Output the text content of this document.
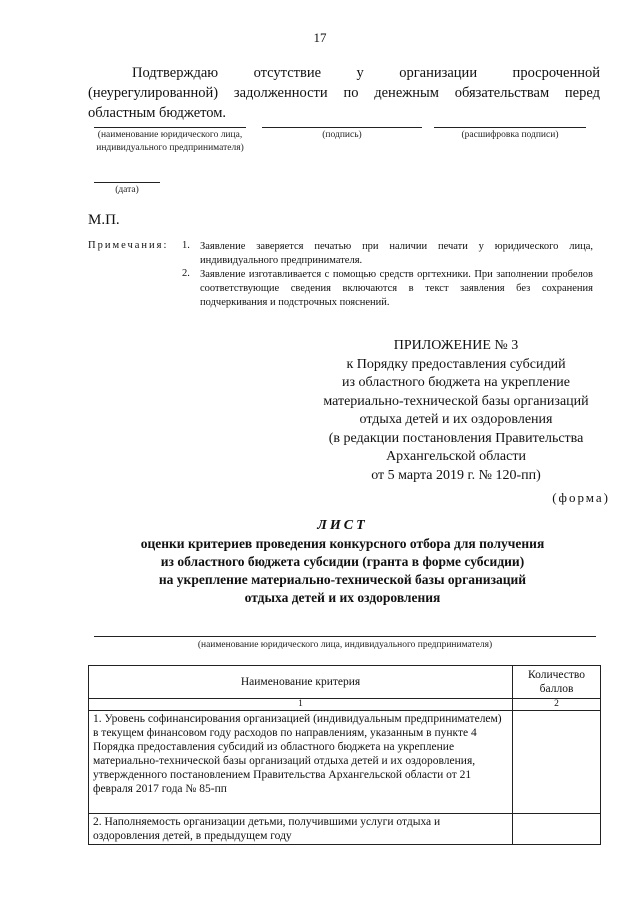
17

Подтверждаю отсутствие у организации просроченной (неурегулированной) задолженности по денежным обязательствам перед областным бюджетом.

(наименование юридического лица, индивидуального предпринимателя)
(подпись)	(расшифровка подписи)
(дата)
М.П.
Примечания: 1. Заявление заверяется печатью при наличии печати у юридического лица, индивидуального предпринимателя.
2. Заявление изготавливается с помощью средств оргтехники. При заполнении пробелов соответствующие сведения включаются в текст заявления без сохранения подчеркивания и подстрочных пояснений.
ПРИЛОЖЕНИЕ № 3
к Порядку предоставления субсидий
из областного бюджета на укрепление
материально-технической базы организаций
отдыха детей и их оздоровления
(в редакции постановления Правительства
Архангельской области
от 5 марта 2019 г. № 120-пп)
(форма)
ЛИСТ
оценки критериев проведения конкурсного отбора для получения
из областного бюджета субсидии (гранта в форме субсидии)
на укрепление материально-технической базы организаций
отдыха детей и их оздоровления
(наименование юридического лица, индивидуального предпринимателя)
Наименование критерия	Количество баллов
1	2
1. Уровень софинансирования организацией (индивидуальным предпринимателем) в текущем финансовом году расходов по направлениям, указанным в пункте 4 Порядка предоставления субсидий из областного бюджета на укрепление материально-технической базы организаций отдыха детей и их оздоровления, утвержденного постановлением Правительства Архангельской области от 21 февраля 2017 года № 85-пп	
2. Наполняемость организации детьми, получившими услуги отдыха и оздоровления детей, в предыдущем году	
